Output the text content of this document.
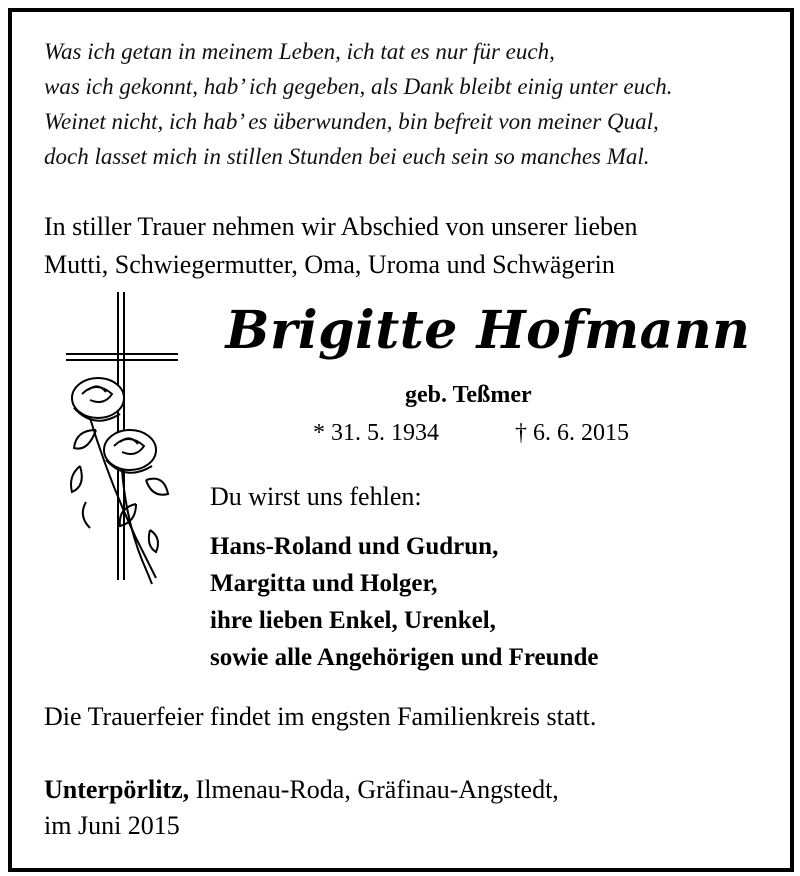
Was ich getan in meinem Leben, ich tat es nur für euch,
was ich gekonnt, hab’ ich gegeben, als Dank bleibt einig unter euch.
Weinet nicht, ich hab’ es überwunden, bin befreit von meiner Qual,
doch lasset mich in stillen Stunden bei euch sein so manches Mal.
In stiller Trauer nehmen wir Abschied von unserer lieben
Mutti, Schwiegermutter, Oma, Uroma und Schwägerin
Brigitte Hofmann
geb. Teßmer
* 31. 5. 1934	† 6. 6. 2015
Du wirst uns fehlen:
Hans-Roland und Gudrun,
Margitta und Holger,
ihre lieben Enkel, Urenkel,
sowie alle Angehörigen und Freunde
Die Trauerfeier findet im engsten Familienkreis statt.
Unterpörlitz, Ilmenau-Roda, Gräfinau-Angstedt,
im Juni 2015
